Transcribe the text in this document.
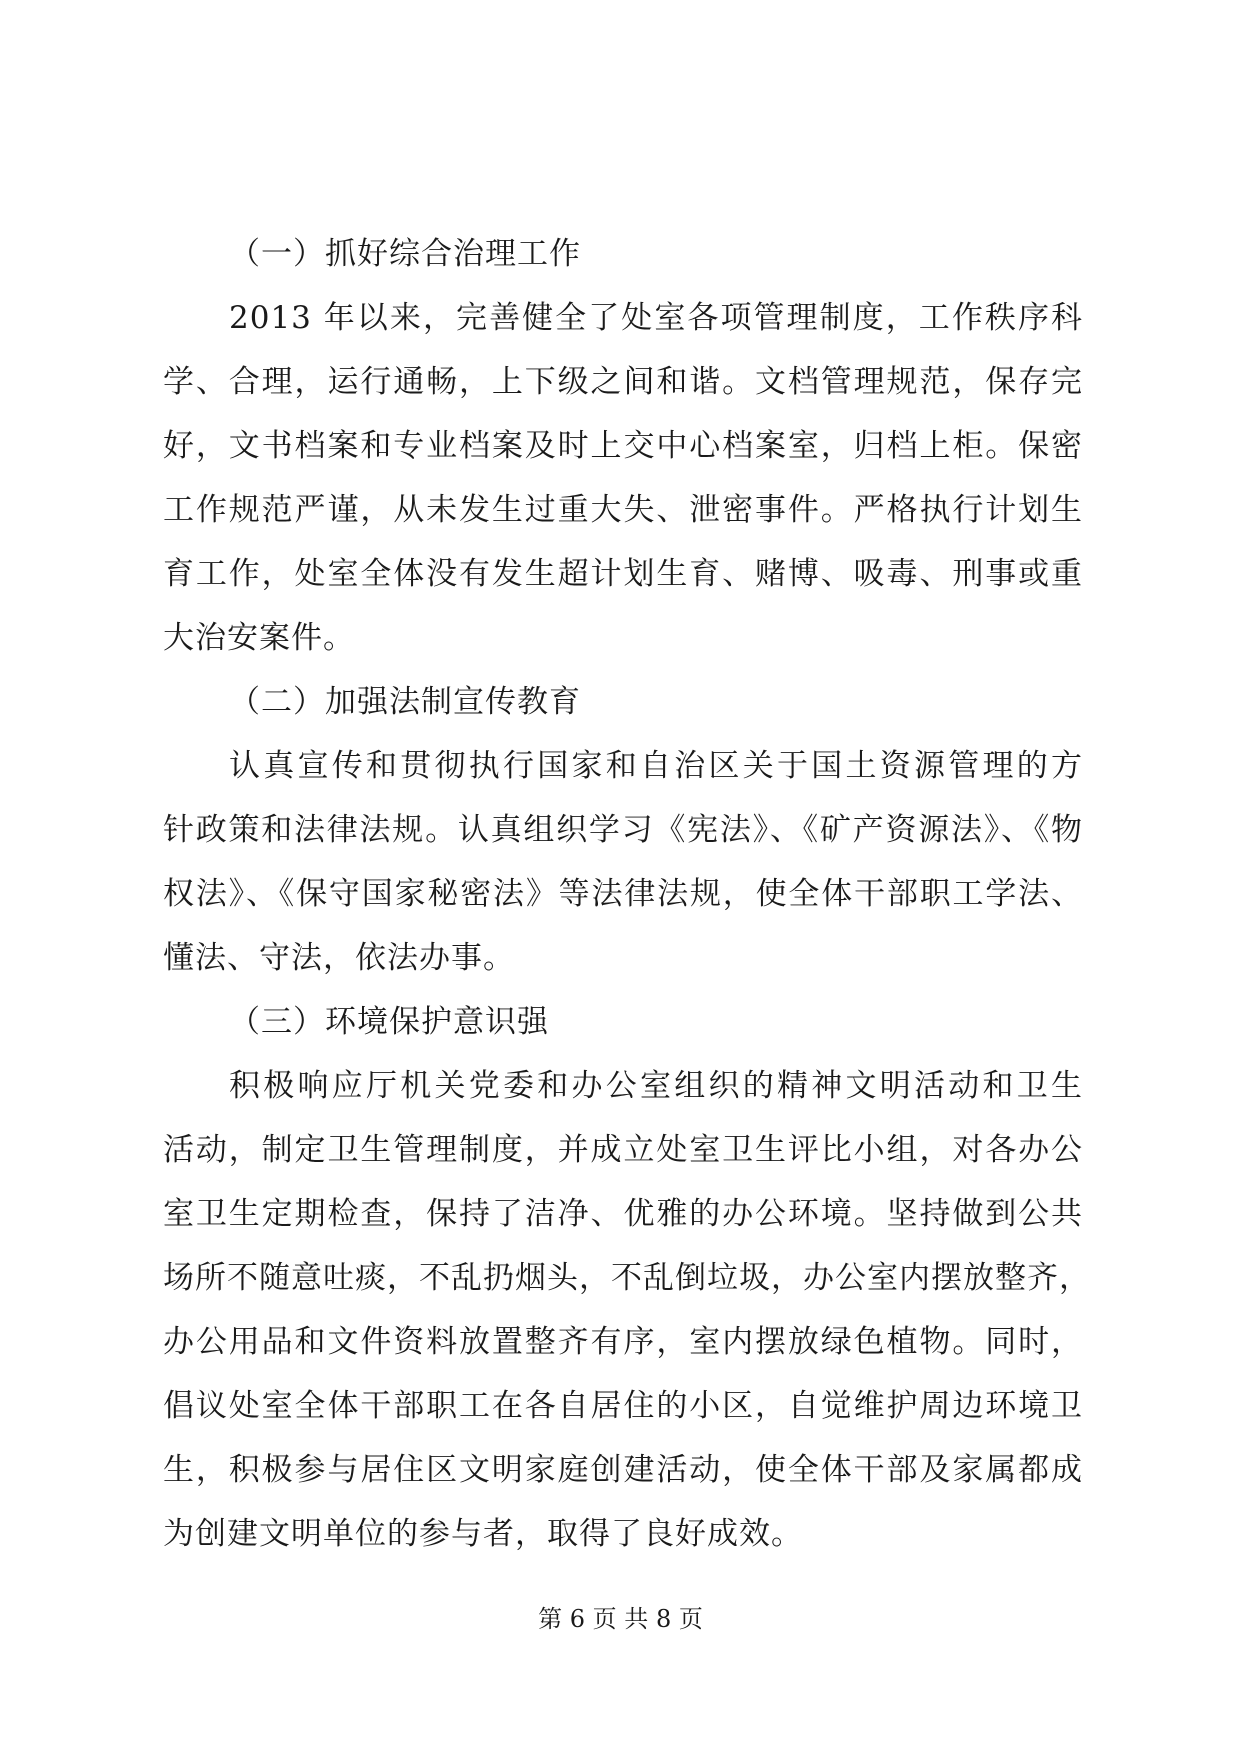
（一）抓好综合治理工作
2013 年以来，完善健全了处室各项管理制度，工作秩序科
学、合理，运行通畅，上下级之间和谐。文档管理规范，保存完
好，文书档案和专业档案及时上交中心档案室，归档上柜。保密
工作规范严谨，从未发生过重大失、泄密事件。严格执行计划生
育工作，处室全体没有发生超计划生育、赌博、吸毒、刑事或重
大治安案件。
（二）加强法制宣传教育
认真宣传和贯彻执行国家和自治区关于国土资源管理的方
针政策和法律法规。认真组织学习《宪法》、《矿产资源法》、《物
权法》、《保守国家秘密法》等法律法规，使全体干部职工学法、
懂法、守法，依法办事。
（三）环境保护意识强
积极响应厅机关党委和办公室组织的精神文明活动和卫生
活动，制定卫生管理制度，并成立处室卫生评比小组，对各办公
室卫生定期检查，保持了洁净、优雅的办公环境。坚持做到公共
场所不随意吐痰，不乱扔烟头，不乱倒垃圾，办公室内摆放整齐，
办公用品和文件资料放置整齐有序，室内摆放绿色植物。同时，
倡议处室全体干部职工在各自居住的小区，自觉维护周边环境卫
生，积极参与居住区文明家庭创建活动，使全体干部及家属都成
为创建文明单位的参与者，取得了良好成效。
第 6 页 共 8 页
